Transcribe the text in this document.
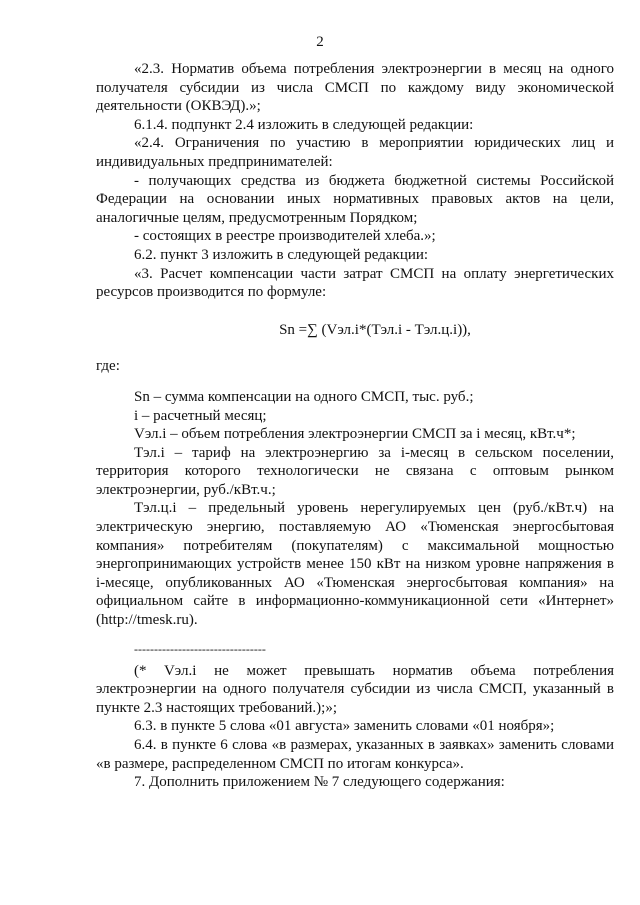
2

«2.3. Норматив объема потребления электроэнергии в месяц на одного получателя субсидии из числа СМСП по каждому виду экономической деятельности (ОКВЭД).»;

6.1.4. подпункт 2.4 изложить в следующей редакции:

«2.4. Ограничения по участию в мероприятии юридических лиц и индивидуальных предпринимателей:

- получающих средства из бюджета бюджетной системы Российской Федерации на основании иных нормативных правовых актов на цели, аналогичные целям, предусмотренным Порядком;

- состоящих в реестре производителей хлеба.»;

6.2. пункт 3 изложить в следующей редакции:

«3. Расчет компенсации части затрат СМСП на оплату энергетических ресурсов производится по формуле:

Sn =∑ (Vэл.i*(Тэл.i - Тэл.ц.i)),

где:

Sn – сумма компенсации на одного СМСП, тыс. руб.;

i – расчетный месяц;

Vэл.i – объем потребления электроэнергии СМСП за i месяц, кВт.ч*;

Тэл.i – тариф на электроэнергию за i-месяц в сельском поселении, территория которого технологически не связана с оптовым рынком электроэнергии, руб./кВт.ч.;

Тэл.ц.i – предельный уровень нерегулируемых цен (руб./кВт.ч) на электрическую энергию, поставляемую АО «Тюменская энергосбытовая компания» потребителям (покупателям) с максимальной мощностью энергопринимающих устройств менее 150 кВт на низком уровне напряжения в i-месяце, опубликованных АО «Тюменская энергосбытовая компания» на официальном сайте в информационно-коммуникационной сети «Интернет» (http://tmesk.ru).

---------------------------------

(* Vэл.i не может превышать норматив объема потребления электроэнергии на одного получателя субсидии из числа СМСП, указанный в пункте 2.3 настоящих требований.);»;

6.3. в пункте 5 слова «01 августа» заменить словами «01 ноября»;

6.4. в пункте 6 слова «в размерах, указанных в заявках» заменить словами «в размере, распределенном СМСП по итогам конкурса».

7. Дополнить приложением № 7 следующего содержания:
